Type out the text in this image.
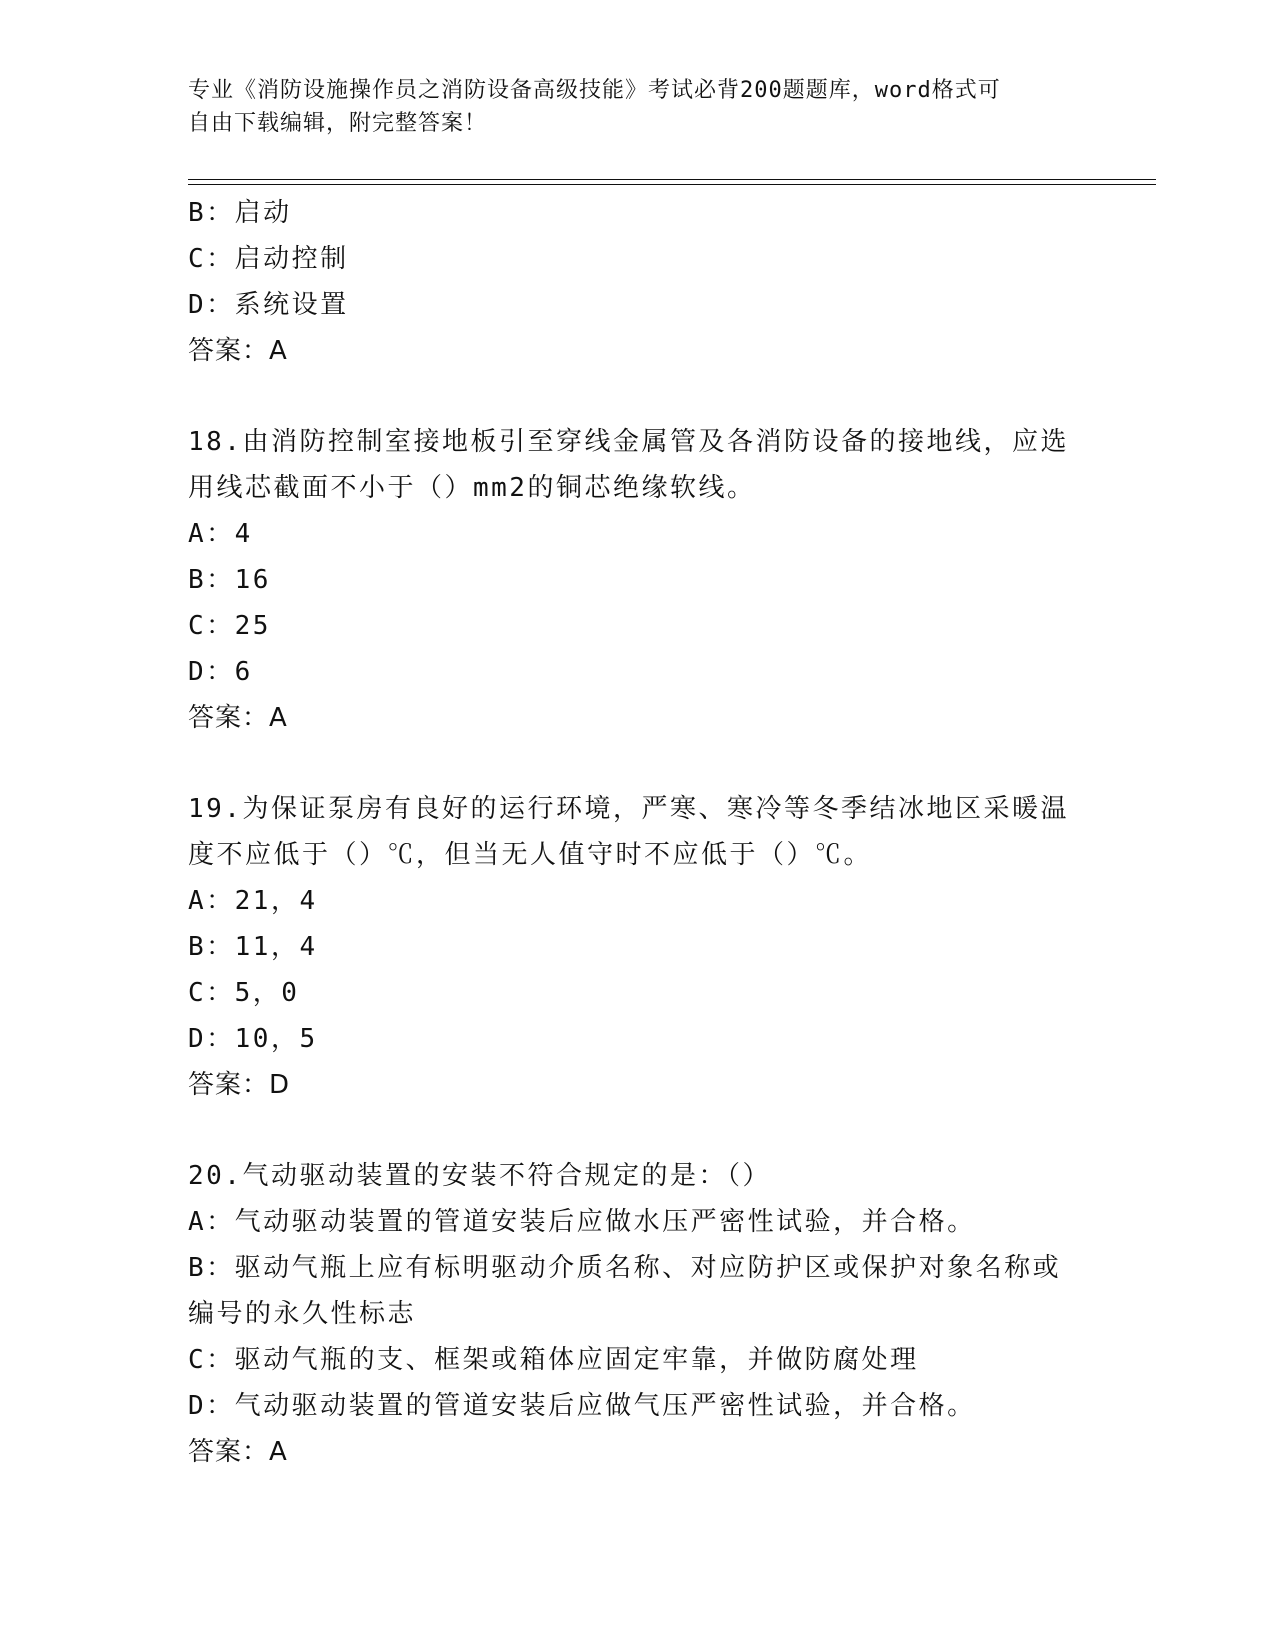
专业《消防设施操作员之消防设备高级技能》考试必背200题题库，word格式可

自由下载编辑，附完整答案！

B：启动

C：启动控制

D：系统设置

答案：A

18.由消防控制室接地板引至穿线金属管及各消防设备的接地线，应选

用线芯截面不小于（）mm2的铜芯绝缘软线。

A：4

B：16

C：25

D：6

答案：A

19.为保证泵房有良好的运行环境，严寒、寒冷等冬季结冰地区采暖温

度不应低于（）℃，但当无人值守时不应低于（）℃。

A：21，4

B：11，4

C：5，0

D：10，5

答案：D

20.气动驱动装置的安装不符合规定的是：（）

A：气动驱动装置的管道安装后应做水压严密性试验，并合格。

B：驱动气瓶上应有标明驱动介质名称、对应防护区或保护对象名称或

编号的永久性标志

C：驱动气瓶的支、框架或箱体应固定牢靠，并做防腐处理

D：气动驱动装置的管道安装后应做气压严密性试验，并合格。

答案：A
